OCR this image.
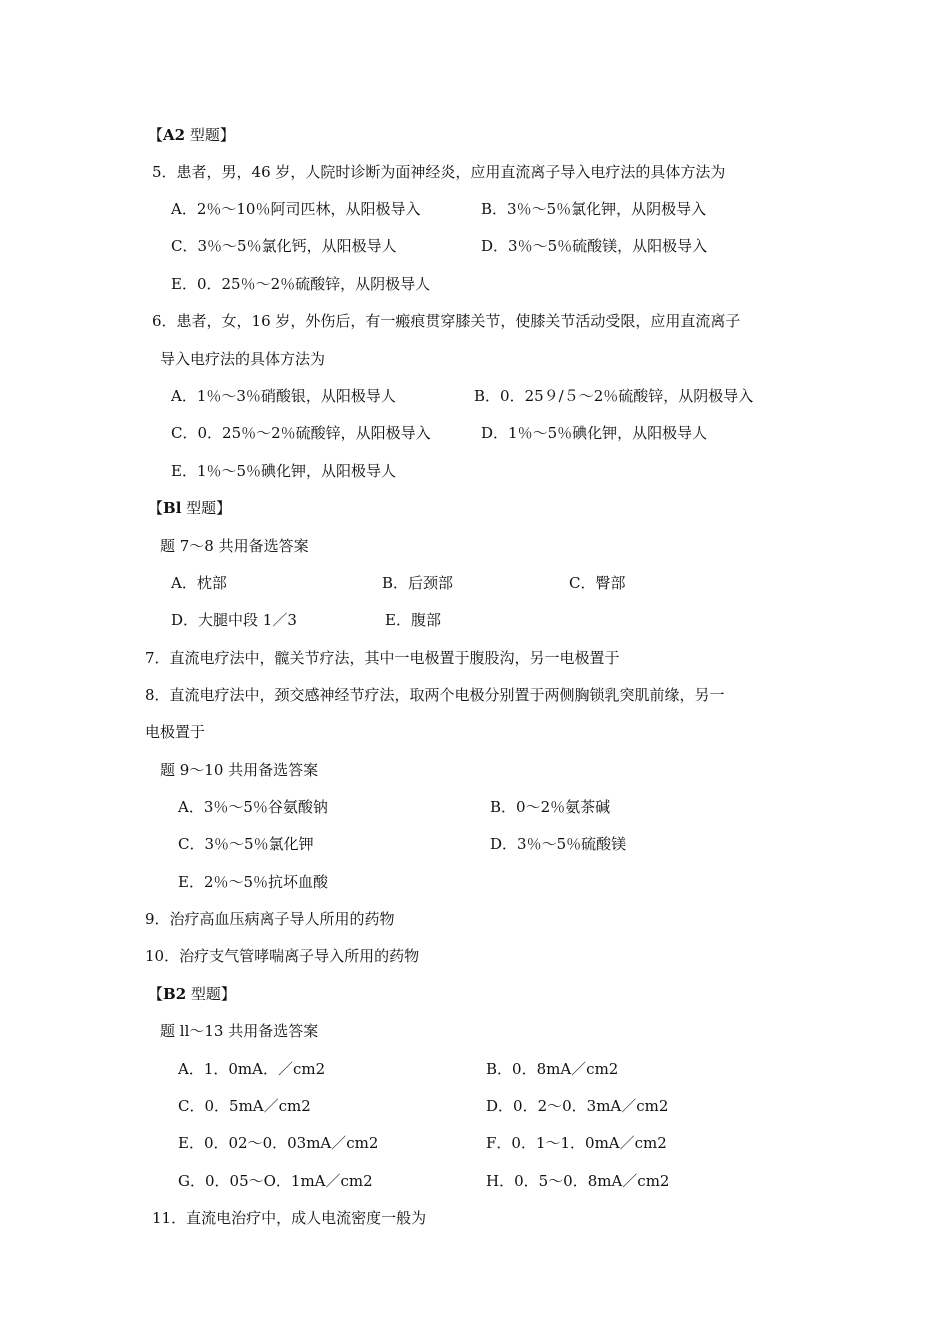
【A2 型题】
5．患者，男，46 岁，人院时诊断为面神经炎，应用直流离子导入电疗法的具体方法为
A．2％～10％阿司匹林，从阳极导入	B．3％～5％氯化钾，从阴极导入
C．3％～5％氯化钙，从阳极导人	D．3％～5％硫酸镁，从阳极导入
E．0．25％～2％硫酸锌，从阴极导人
6．患者，女，16 岁，外伤后，有一瘢痕贯穿膝关节，使膝关节活动受限，应用直流离子
导入电疗法的具体方法为
A．1％～3％硝酸银，从阳极导人	B．0．25９/５～2％硫酸锌，从阴极导入
C．0．25％～2％硫酸锌，从阳极导入	D．1％～5％碘化钾，从阳极导人
E．1％～5％碘化钾，从阳极导人
【Bl 型题】
题 7～8 共用备选答案
A．枕部	B．后颈部	C．臀部
D．大腿中段 1／3	E．腹部
7．直流电疗法中，髋关节疗法，其中一电极置于腹股沟，另一电极置于
8．直流电疗法中，颈交感神经节疗法，取两个电极分别置于两侧胸锁乳突肌前缘，另一
电极置于
题 9～10 共用备选答案
A．3％～5％谷氨酸钠	B．0～2％氨茶碱
C．3％～5％氯化钾	D．3％～5％硫酸镁
E．2％～5％抗坏血酸
9．治疗高血压病离子导人所用的药物
10．治疗支气管哮喘离子导入所用的药物
【B2 型题】
题 ll～13 共用备选答案
A．1．0mA．／cm2	B．0．8mA／cm2
C．0．5mA／cm2	D．0．2～0．3mA／cm2
E．0．02～0．03mA／cm2	F．0．1～1．0mA／cm2
G．0．05～O．1mA／cm2	H．0．5～0．8mA／cm2
11．直流电治疗中，成人电流密度一般为
